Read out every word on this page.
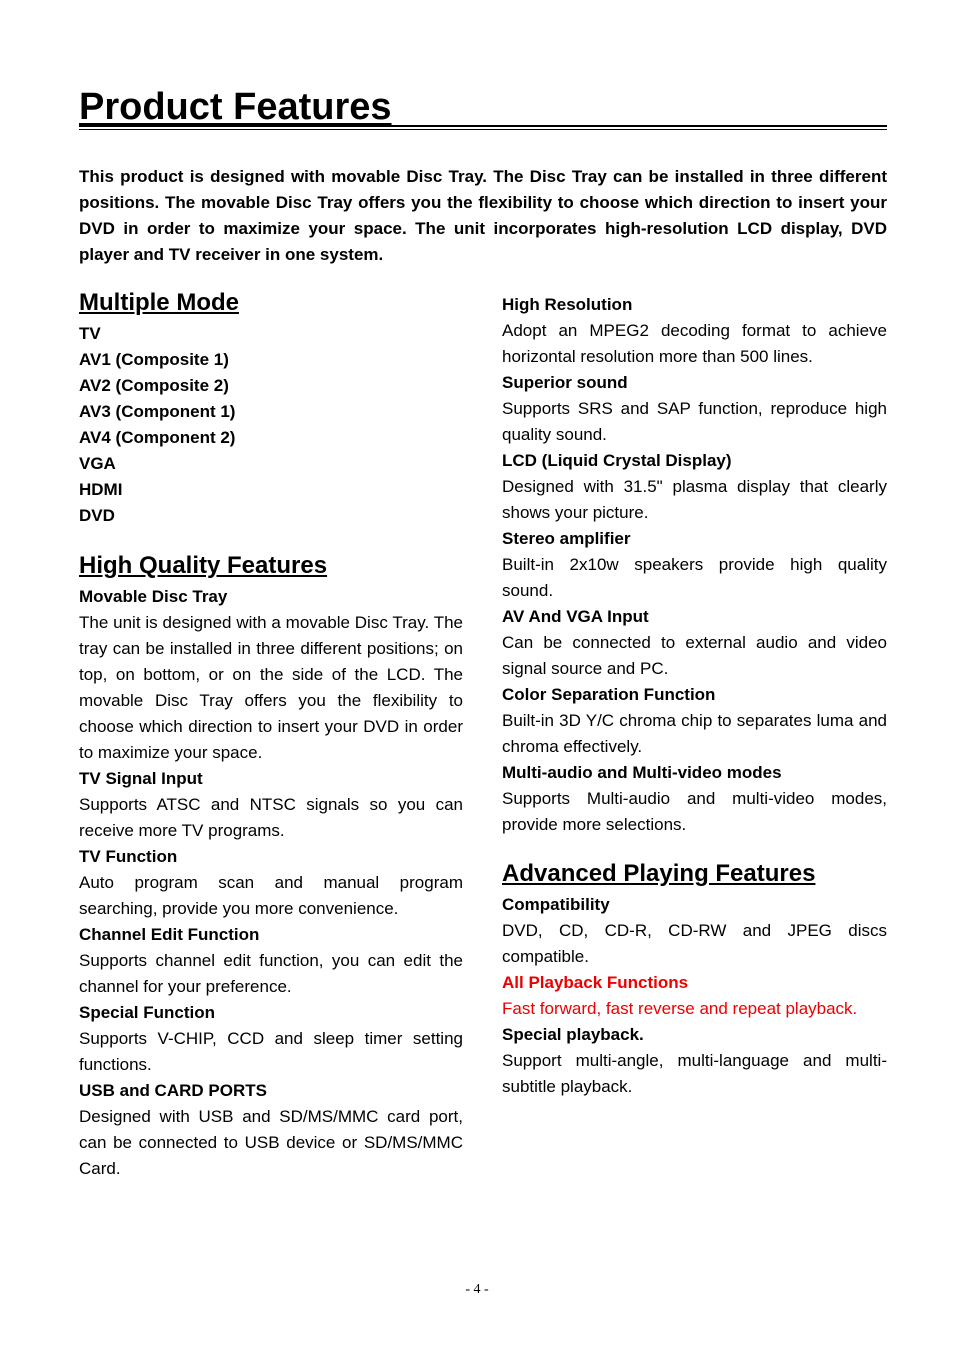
Product Features

This product is designed with movable Disc Tray. The Disc Tray can be installed in three different positions. The movable Disc Tray offers you the flexibility to choose which direction to insert your DVD in order to maximize your space. The unit incorporates high-resolution LCD display, DVD player and TV receiver in one system.

Multiple Mode
TV
AV1 (Composite 1)
AV2 (Composite 2)
AV3 (Component 1)
AV4 (Component 2)
VGA
HDMI
DVD
High Quality Features
Movable Disc Tray
The unit is designed with a movable Disc Tray. The tray can be installed in three different positions; on top, on bottom, or on the side of the LCD. The movable Disc Tray offers you the flexibility to choose which direction to insert your DVD in order to maximize your space.
TV Signal Input
Supports ATSC and NTSC signals so you can receive more TV programs.
TV Function
Auto program scan and manual program searching, provide you more convenience.
Channel Edit Function
Supports channel edit function, you can edit the channel for your preference.
Special Function
Supports V-CHIP, CCD and sleep timer setting functions.
USB and CARD PORTS
Designed with USB and SD/MS/MMC card port, can be connected to USB device or SD/MS/MMC Card.
High Resolution
Adopt an MPEG2 decoding format to achieve horizontal resolution more than 500 lines.
Superior sound
Supports SRS and SAP function, reproduce high quality sound.
LCD (Liquid Crystal Display)
Designed with 31.5" plasma display that clearly shows your picture.
Stereo amplifier
Built-in 2x10w speakers provide high quality sound.
AV And VGA Input
Can be connected to external audio and video signal source and PC.
Color Separation Function
Built-in 3D Y/C chroma chip to separates luma and chroma effectively.
Multi-audio and Multi-video modes
Supports Multi-audio and multi-video modes, provide more selections.
Advanced Playing Features
Compatibility
DVD, CD, CD-R, CD-RW and JPEG discs compatible.
All Playback Functions
Fast forward, fast reverse and repeat playback.
Special playback.
Support multi-angle, multi-language and multi-subtitle playback.
- 4 -
